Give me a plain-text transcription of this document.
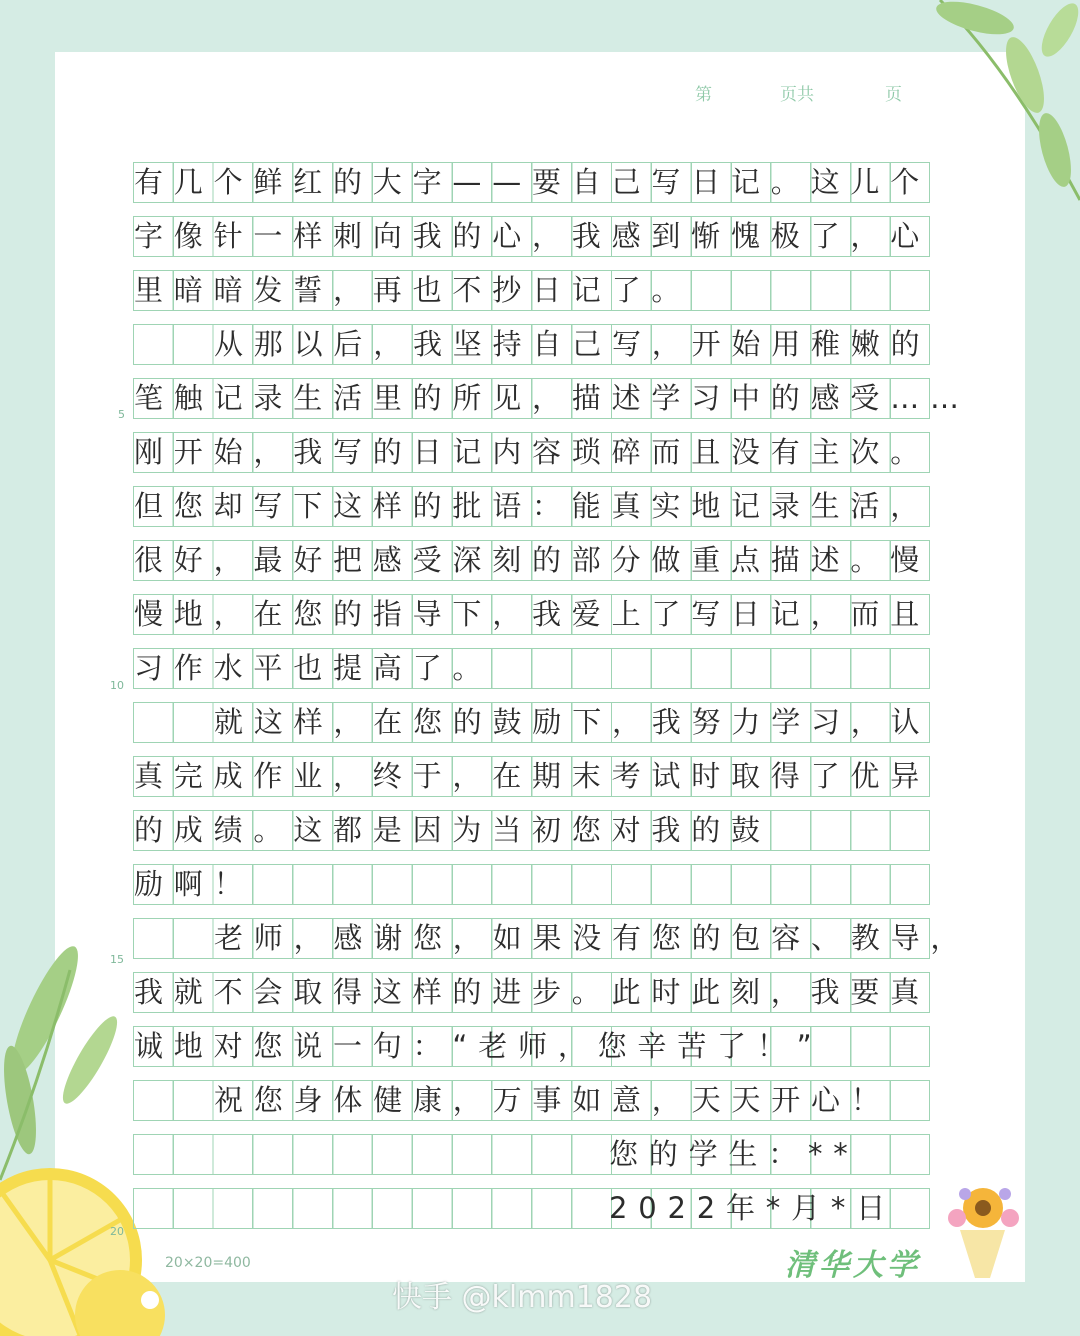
第	页共	页
有几个鲜红的大字——要自己写日记。这儿个
字像针一样刺向我的心，我感到惭愧极了，心
里暗暗发誓，再也不抄日记了。
从那以后，我坚持自己写，开始用稚嫩的
笔触记录生活里的所见，描述学习中的感受……
刚开始，我写的日记内容琐碎而且没有主次。
但您却写下这样的批语：能真实地记录生活，
很好，最好把感受深刻的部分做重点描述。慢
慢地，在您的指导下，我爱上了写日记，而且
习作水平也提高了。
就这样，在您的鼓励下，我努力学习，认
真完成作业，终于，在期末考试时取得了优异
的成绩。这都是因为当初您对我的鼓
励啊！
老师，感谢您，如果没有您的包容、教导，
我就不会取得这样的进步。此时此刻，我要真
诚地对您说一句：“老师，您辛苦了！”
祝您身体健康，万事如意，天天开心！
您的学生：**
2022年*月*日
5
10
15
20
20×20=400	清华大学
快手 @klmm1828
